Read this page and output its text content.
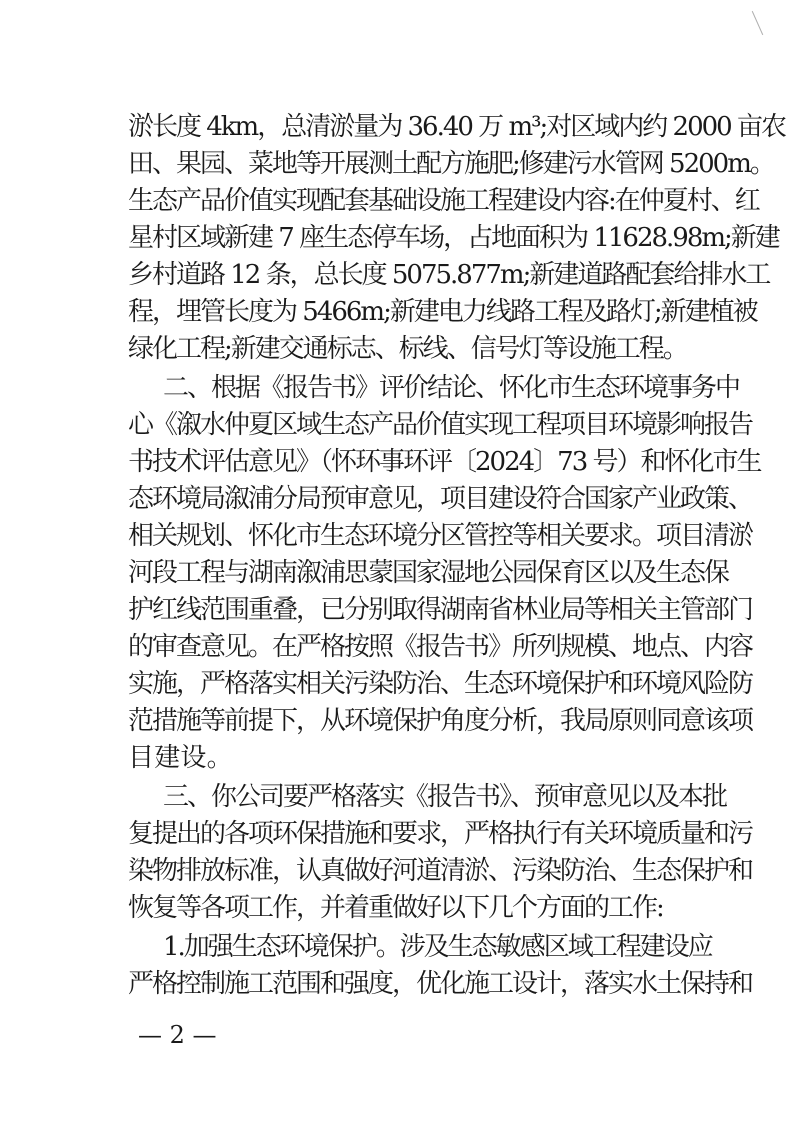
淤长度 4km，总清淤量为 36.40 万 m³;对区域内约 2000 亩农
田、果园、菜地等开展测土配方施肥;修建污水管网 5200m。
生态产品价值实现配套基础设施工程建设内容:在仲夏村、红
星村区域新建 7 座生态停车场，占地面积为 11628.98m;新建
乡村道路 12 条，总长度 5075.877m;新建道路配套给排水工
程，埋管长度为 5466m;新建电力线路工程及路灯;新建植被
绿化工程;新建交通标志、标线、信号灯等设施工程。
二、根据《报告书》评价结论、怀化市生态环境事务中
心《溆水仲夏区域生态产品价值实现工程项目环境影响报告
书技术评估意见》（怀环事环评〔2024〕73 号）和怀化市生
态环境局溆浦分局预审意见，项目建设符合国家产业政策、
相关规划、怀化市生态环境分区管控等相关要求。项目清淤
河段工程与湖南溆浦思蒙国家湿地公园保育区以及生态保
护红线范围重叠，已分别取得湖南省林业局等相关主管部门
的审查意见。在严格按照《报告书》所列规模、地点、内容
实施，严格落实相关污染防治、生态环境保护和环境风险防
范措施等前提下，从环境保护角度分析，我局原则同意该项
目建设。
三、你公司要严格落实《报告书》、预审意见以及本批
复提出的各项环保措施和要求，严格执行有关环境质量和污
染物排放标准，认真做好河道清淤、污染防治、生态保护和
恢复等各项工作，并着重做好以下几个方面的工作:
1.加强生态环境保护。涉及生态敏感区域工程建设应
严格控制施工范围和强度，优化施工设计，落实水土保持和
— 2 —
